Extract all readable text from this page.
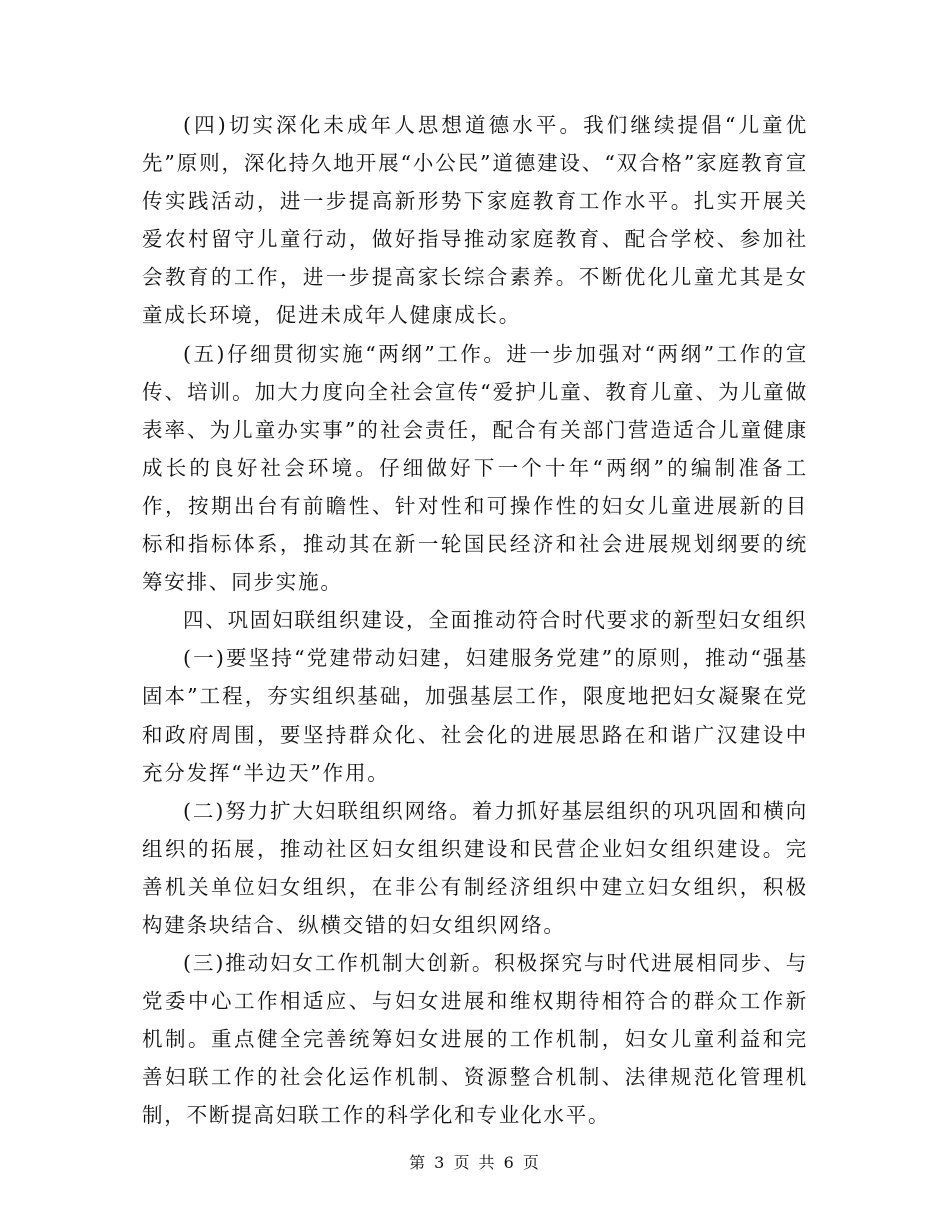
(四)切实深化未成年人思想道德水平。我们继续提倡“儿童优先”原则，深化持久地开展“小公民”道德建设、“双合格”家庭教育宣传实践活动，进一步提高新形势下家庭教育工作水平。扎实开展关爱农村留守儿童行动，做好指导推动家庭教育、配合学校、参加社会教育的工作，进一步提高家长综合素养。不断优化儿童尤其是女童成长环境，促进未成年人健康成长。

(五)仔细贯彻实施“两纲”工作。进一步加强对“两纲”工作的宣传、培训。加大力度向全社会宣传“爱护儿童、教育儿童、为儿童做表率、为儿童办实事”的社会责任，配合有关部门营造适合儿童健康成长的良好社会环境。仔细做好下一个十年“两纲”的编制准备工作，按期出台有前瞻性、针对性和可操作性的妇女儿童进展新的目标和指标体系，推动其在新一轮国民经济和社会进展规划纲要的统筹安排、同步实施。

四、巩固妇联组织建设，全面推动符合时代要求的新型妇女组织

(一)要坚持“党建带动妇建，妇建服务党建”的原则，推动“强基固本”工程，夯实组织基础，加强基层工作，限度地把妇女凝聚在党和政府周围，要坚持群众化、社会化的进展思路在和谐广汉建设中充分发挥“半边天”作用。

(二)努力扩大妇联组织网络。着力抓好基层组织的巩巩固和横向组织的拓展，推动社区妇女组织建设和民营企业妇女组织建设。完善机关单位妇女组织，在非公有制经济组织中建立妇女组织，积极构建条块结合、纵横交错的妇女组织网络。

(三)推动妇女工作机制大创新。积极探究与时代进展相同步、与党委中心工作相适应、与妇女进展和维权期待相符合的群众工作新机制。重点健全完善统筹妇女进展的工作机制，妇女儿童利益和完善妇联工作的社会化运作机制、资源整合机制、法律规范化管理机制，不断提高妇联工作的科学化和专业化水平。

第 3 页 共 6 页
